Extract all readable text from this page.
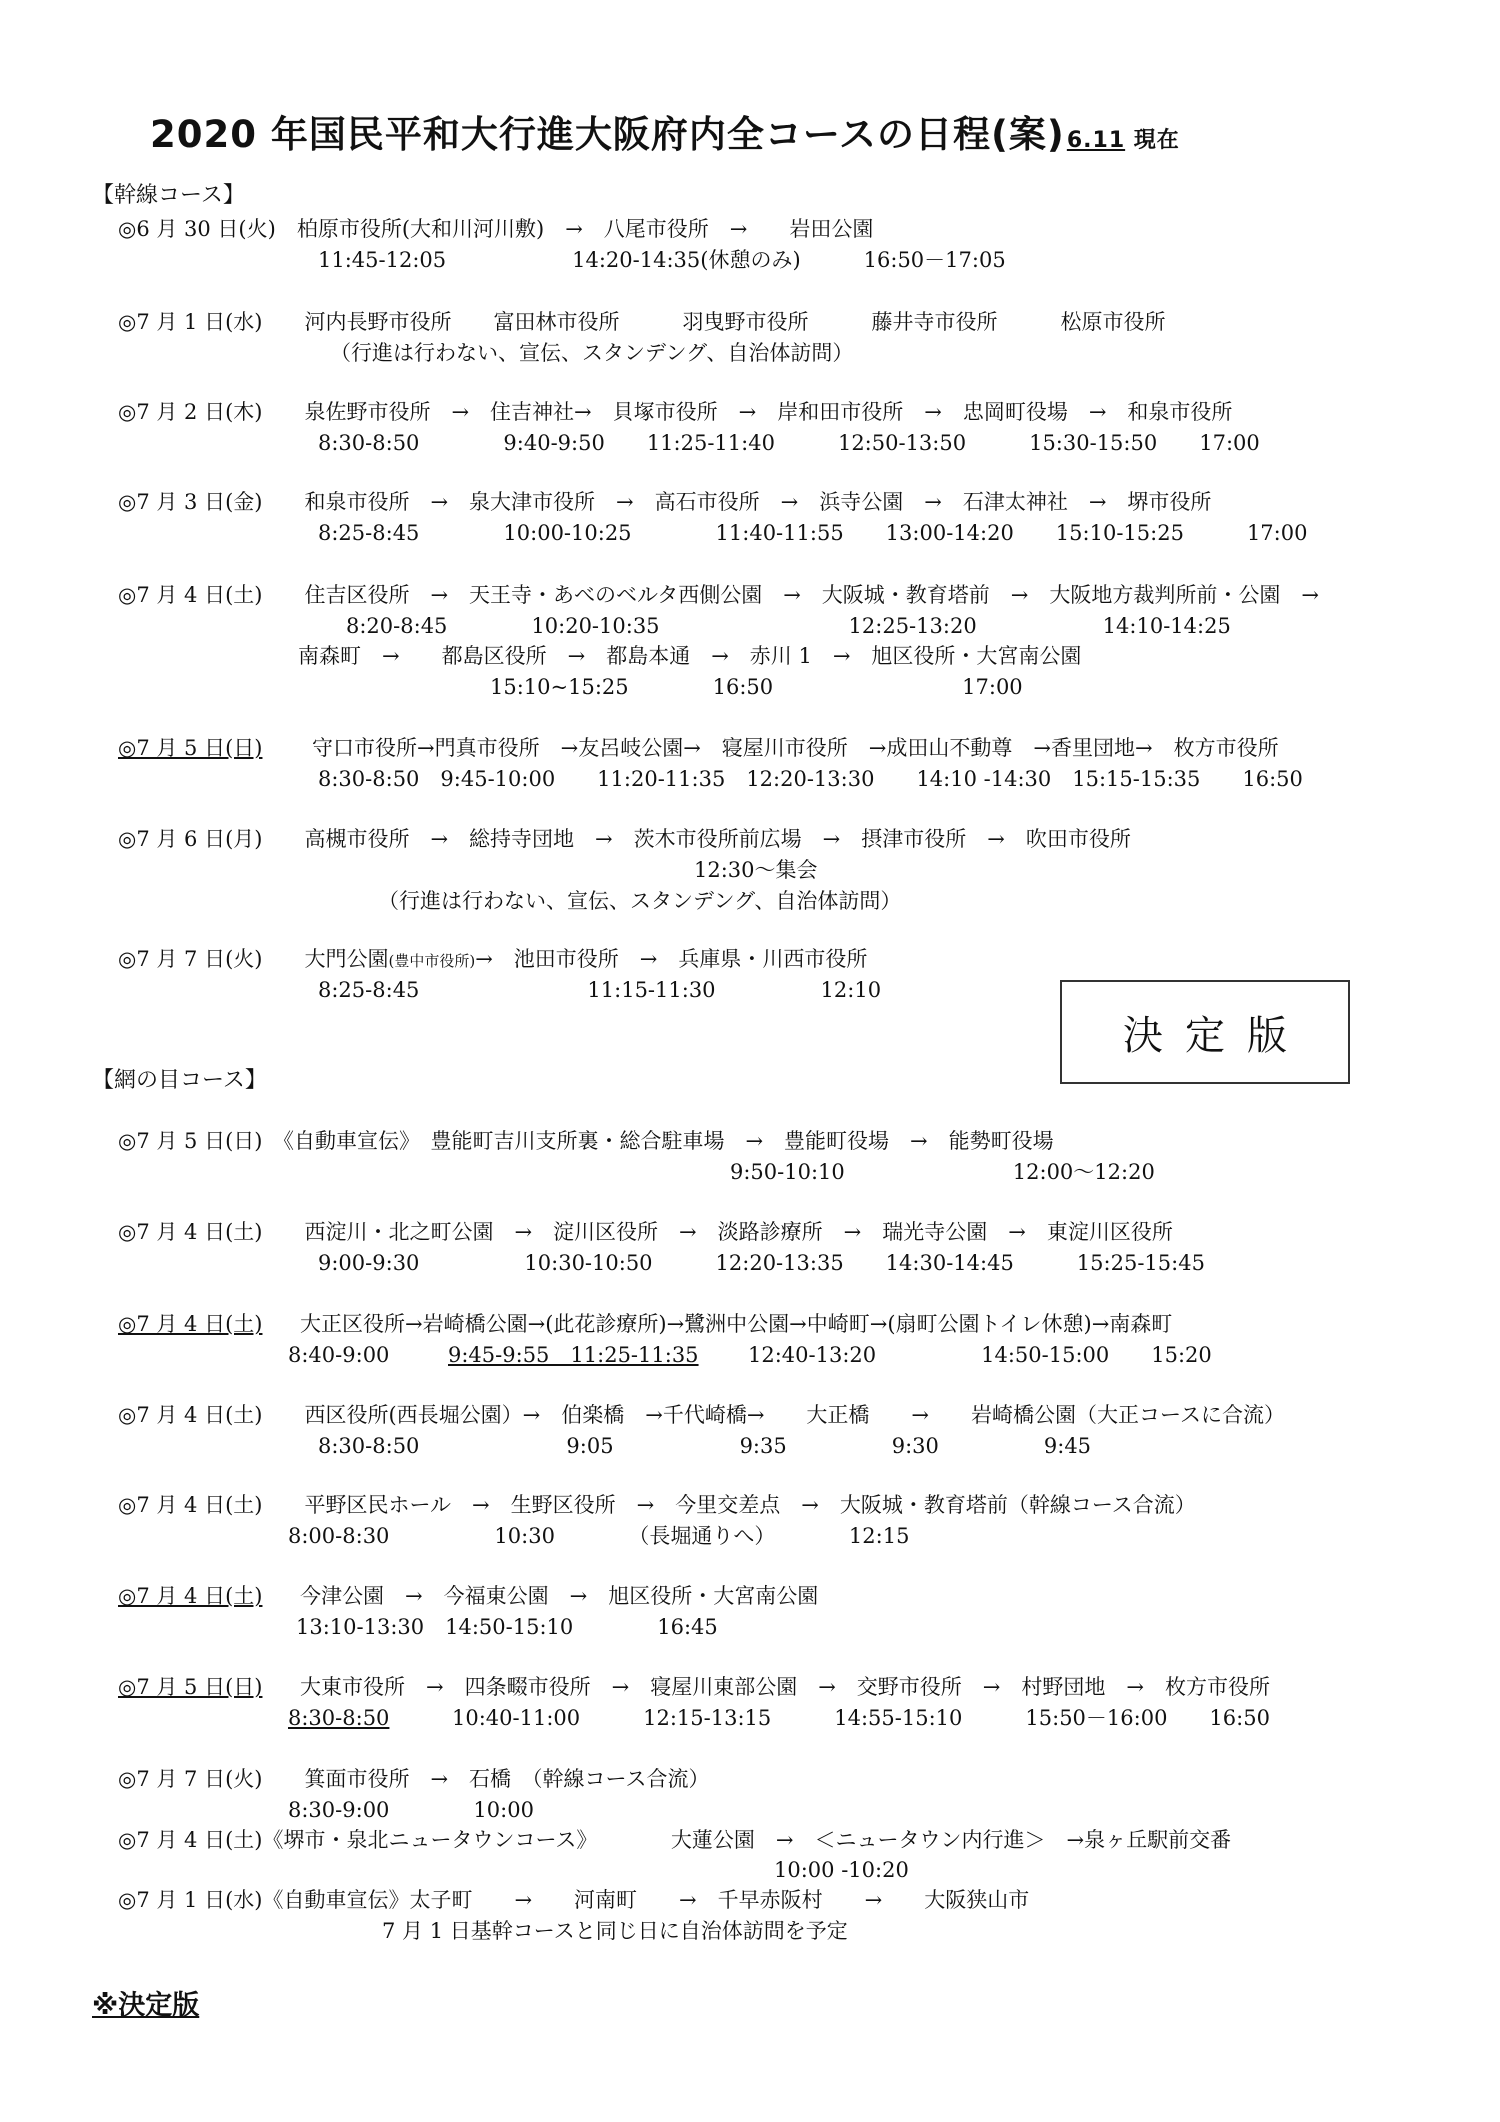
2020 年国民平和大行進大阪府内全コースの日程(案)6.11 現在
【幹線コース】
◎6 月 30 日(火)　柏原市役所(大和川河川敷)　→　八尾市役所　→　　岩田公園
11:45-12:05　　　　　　14:20-14:35(休憩のみ)　　　16:50－17:05
◎7 月 1 日(水)　　河内長野市役所　　富田林市役所　　　羽曳野市役所　　　藤井寺市役所　　　松原市役所
（行進は行わない、宣伝、スタンデング、自治体訪問）
◎7 月 2 日(木)　　泉佐野市役所　→　住吉神社→　貝塚市役所　→　岸和田市役所　→　忠岡町役場　→　和泉市役所
8:30-8:50　　　　9:40-9:50　　11:25-11:40　　　12:50-13:50　　　15:30-15:50　　17:00
◎7 月 3 日(金)　　和泉市役所　→　泉大津市役所　→　高石市役所　→　浜寺公園　→　石津太神社　→　堺市役所
8:25-8:45　　　　10:00-10:25　　　　11:40-11:55　　13:00-14:20　　15:10-15:25　　　17:00
◎7 月 4 日(土)　　住吉区役所　→　天王寺・あべのベルタ西側公園　→　大阪城・教育塔前　→　大阪地方裁判所前・公園　→
8:20-8:45　　　　10:20-10:35　　　　　　　　　12:25-13:20　　　　　　14:10-14:25
南森町　→　　都島区役所　→　都島本通　→　赤川 1　→　旭区役所・大宮南公園
15:10~15:25　　　　16:50　　　　　　　　　17:00
◎7 月 5 日(日) 守口市役所→門真市役所　→友呂岐公園→　寝屋川市役所　→成田山不動尊　→香里団地→　枚方市役所
8:30-8:50　9:45-10:00　　11:20-11:35　12:20-13:30　　14:10 -14:30　15:15-15:35　　16:50
◎7 月 6 日(月)　　高槻市役所　→　総持寺団地　→　茨木市役所前広場　→　摂津市役所　→　吹田市役所
12:30～集会
（行進は行わない、宣伝、スタンデング、自治体訪問）
◎7 月 7 日(火)　　大門公園(豊中市役所)→　池田市役所　→　兵庫県・川西市役所
8:25-8:45　　　　　　　　11:15-11:30　　　　　12:10
決定版
【網の目コース】
◎7 月 5 日(日)　《自動車宣伝》　豊能町吉川支所裏・総合駐車場　→　豊能町役場　→　能勢町役場
9:50-10:10　　　　　　　　12:00～12:20
◎7 月 4 日(土)　　西淀川・北之町公園　→　淀川区役所　→　淡路診療所　→　瑞光寺公園　→　東淀川区役所
9:00-9:30　　　　　10:30-10:50　　　12:20-13:35　　14:30-14:45　　　15:25-15:45
◎7 月 4 日(土) 大正区役所→岩崎橋公園→(此花診療所)→鷺洲中公園→中崎町→(扇町公園トイレ休憩)→南森町
8:40-9:00	9:45-9:55　11:25-11:35 12:40-13:20　　　　　14:50-15:00　　15:20
◎7 月 4 日(土)　　西区役所(西長堀公園）→　伯楽橋　→千代崎橋→　　大正橋　　→　　岩崎橋公園（大正コースに合流）
8:30-8:50　　　　　　　9:05　　　　　　9:35　　　　　9:30　　　　　9:45
◎7 月 4 日(土)　　平野区民ホール　→　生野区役所　→　今里交差点　→　大阪城・教育塔前（幹線コース合流）
8:00-8:30　　　　　10:30　　　　（長堀通りへ）　　　　12:15
◎7 月 4 日(土) 今津公園　→　今福東公園　→　旭区役所・大宮南公園
13:10-13:30　14:50-15:10　　　　16:45
◎7 月 5 日(日) 大東市役所　→　四条畷市役所　→　寝屋川東部公園　→　交野市役所　→　村野団地　→　枚方市役所
8:30-8:50	10:40-11:00　　　12:15-13:15　　　14:55-15:10　　　15:50－16:00　　16:50
◎7 月 7 日(火)　　箕面市役所　→　石橋　（幹線コース合流）
8:30-9:00　　　　10:00
◎7 月 4 日(土)《堺市・泉北ニュータウンコース》　　　　大蓮公園　→　＜ニュータウン内行進＞　→泉ヶ丘駅前交番
10:00 ‐10:20
◎7 月 1 日(水)《自動車宣伝》太子町　　→　　河南町　　→　千早赤阪村　　→　　大阪狭山市
7 月 1 日基幹コースと同じ日に自治体訪問を予定
※決定版
